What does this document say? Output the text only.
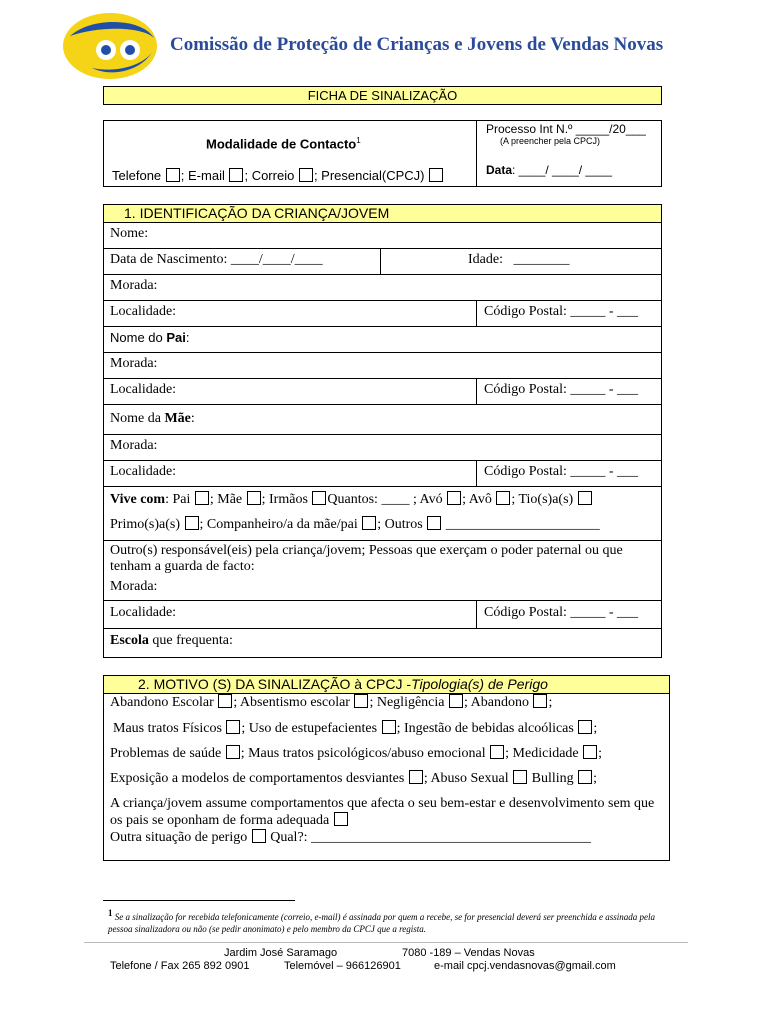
Comissão de Proteção de Crianças e Jovens de Vendas Novas
FICHA DE SINALIZAÇÃO
Modalidade de Contacto$^1$
Telefone ; E-mail ; Correio ; Presencial(CPCJ)
Processo Int N.º _____/20___
(A preencher pela CPCJ)
Data: ____/ ____/ ____
1. IDENTIFICAÇÃO DA CRIANÇA/JOVEM
Nome:
Data de Nascimento: ____/____/____	Idade:   ________
Morada:
Localidade:	Código Postal: _____ - ___
Nome do Pai:
Morada:
Localidade:	Código Postal: _____ - ___
Nome da Mãe:
Morada:
Localidade:	Código Postal: _____ - ___
Vive com: Pai ; Mãe ; Irmãos Quantos: ____ ; Avó ; Avô ; Tio(s)a(s)
Primo(s)a(s) ; Companheiro/a da mãe/pai ; Outros ______________________
Outro(s) responsável(eis) pela criança/jovem; Pessoas que exerçam o poder paternal ou que tenham a guarda de facto:
Morada:
Localidade:	Código Postal: _____ - ___
Escola que frequenta:
2. MOTIVO (S) DA SINALIZAÇÃO à CPCJ -Tipologia(s) de Perigo
Abandono Escolar ; Absentismo escolar ; Negligência ; Abandono ;
Maus tratos Físicos ; Uso de estupefacientes ; Ingestão de bebidas alcoólicas ;
Problemas de saúde ; Maus tratos psicológicos/abuso emocional ; Medicidade ;
Exposição a modelos de comportamentos desviantes ; Abuso Sexual Bulling ;
A criança/jovem assume comportamentos que afecta o seu bem-estar e desenvolvimento sem que os pais se oponham de forma adequada
Outra situação de perigo Qual?: ________________________________________
$^1$ Se a sinalização for recebida telefonicamente (correio, e-mail) é assinada por quem a recebe, se for presencial deverá ser preenchida e assinada pela pessoa sinalizadora ou não (se pedir anonimato) e pelo membro da CPCJ que a regista.
Jardim José Saramago	7080 -189 – Vendas Novas
Telefone / Fax 265 892 0901	Telemóvel – 966126901	e-mail cpcj.vendasnovas@gmail.com
